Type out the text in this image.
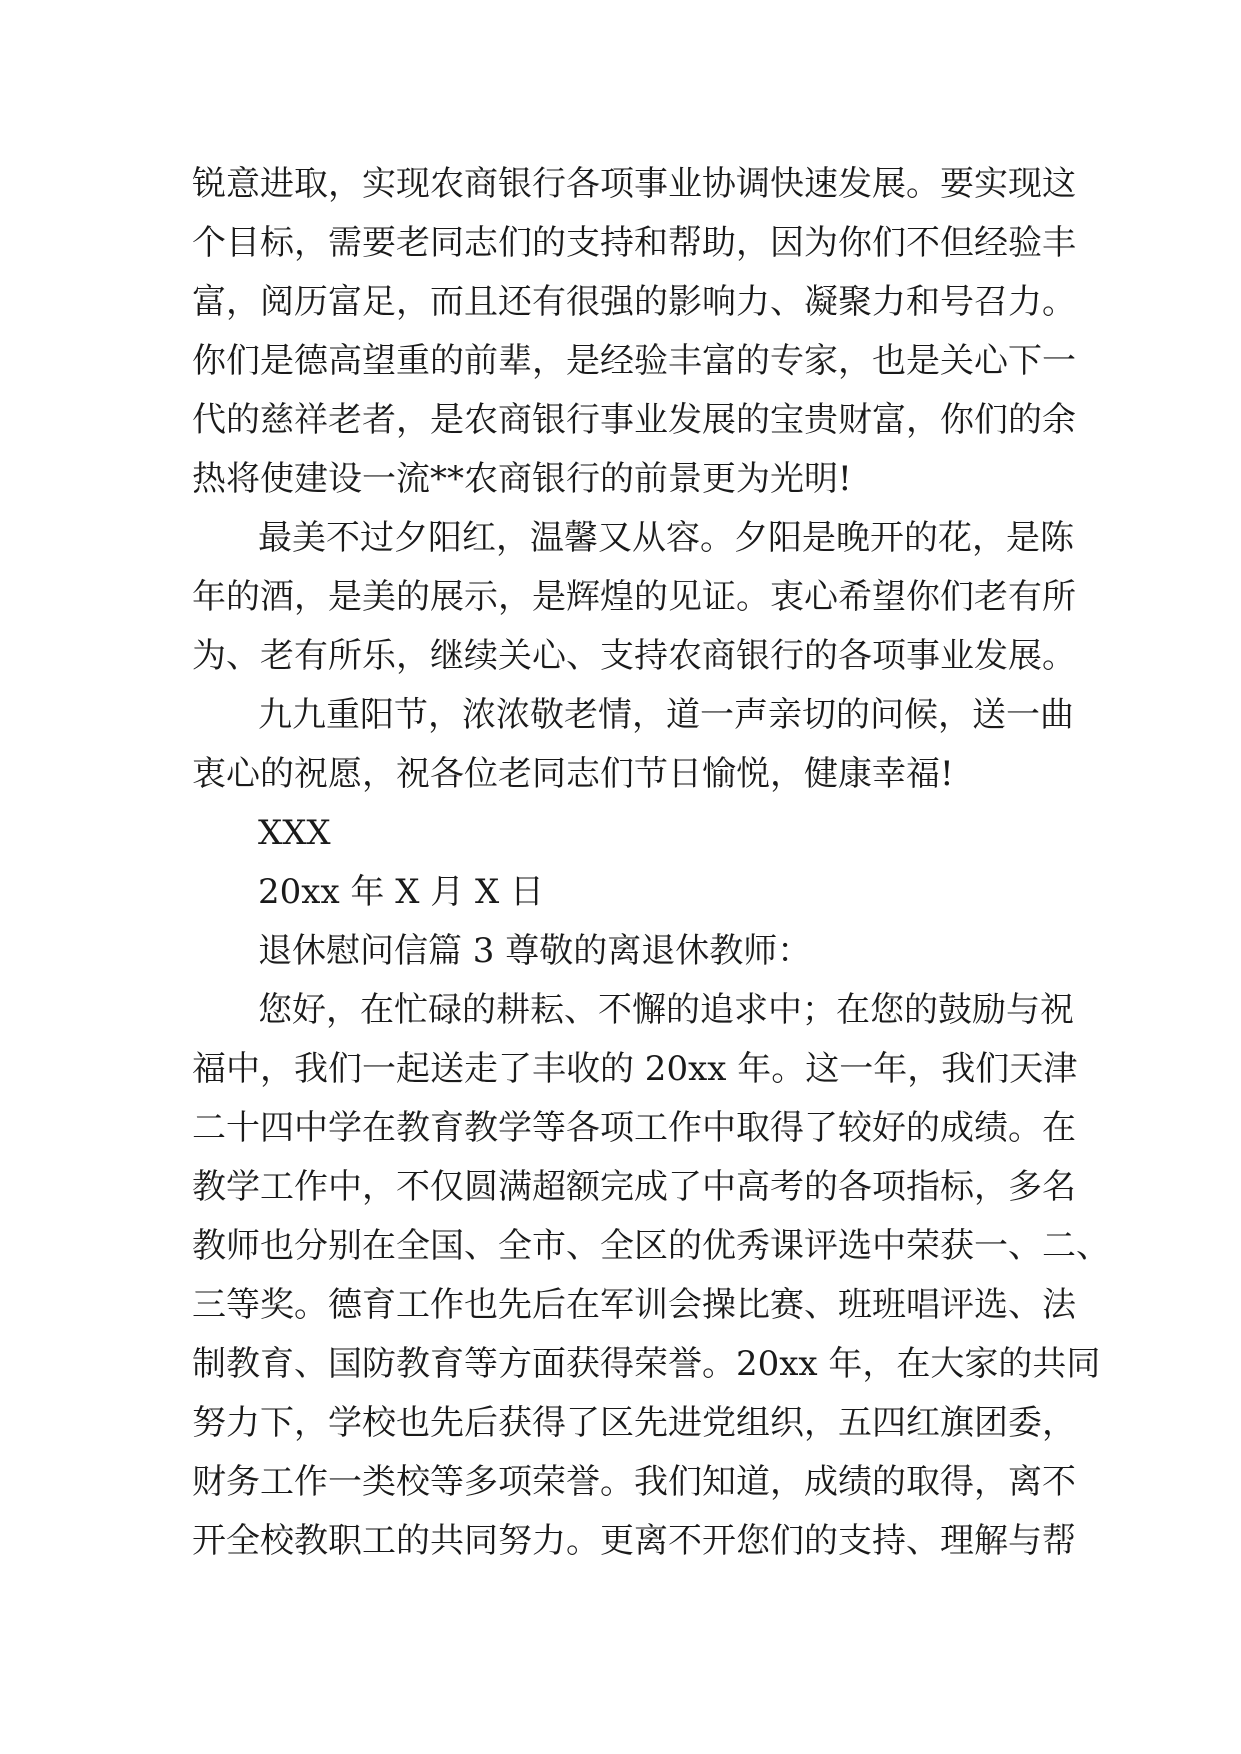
锐意进取，实现农商银行各项事业协调快速发展。要实现这
个目标，需要老同志们的支持和帮助，因为你们不但经验丰
富，阅历富足，而且还有很强的影响力、凝聚力和号召力。
你们是德高望重的前辈，是经验丰富的专家，也是关心下一
代的慈祥老者，是农商银行事业发展的宝贵财富，你们的余
热将使建设一流**农商银行的前景更为光明!
最美不过夕阳红，温馨又从容。夕阳是晚开的花，是陈
年的酒，是美的展示，是辉煌的见证。衷心希望你们老有所
为、老有所乐，继续关心、支持农商银行的各项事业发展。
九九重阳节，浓浓敬老情，道一声亲切的问候，送一曲
衷心的祝愿，祝各位老同志们节日愉悦，健康幸福!
XXX
20xx 年 X 月 X 日
退休慰问信篇 3 尊敬的离退休教师：
您好，在忙碌的耕耘、不懈的追求中；在您的鼓励与祝
福中，我们一起送走了丰收的 20xx 年。这一年，我们天津
二十四中学在教育教学等各项工作中取得了较好的成绩。在
教学工作中，不仅圆满超额完成了中高考的各项指标，多名
教师也分别在全国、全市、全区的优秀课评选中荣获一、二、
三等奖。德育工作也先后在军训会操比赛、班班唱评选、法
制教育、国防教育等方面获得荣誉。20xx 年，在大家的共同
努力下，学校也先后获得了区先进党组织，五四红旗团委，
财务工作一类校等多项荣誉。我们知道，成绩的取得，离不
开全校教职工的共同努力。更离不开您们的支持、理解与帮
